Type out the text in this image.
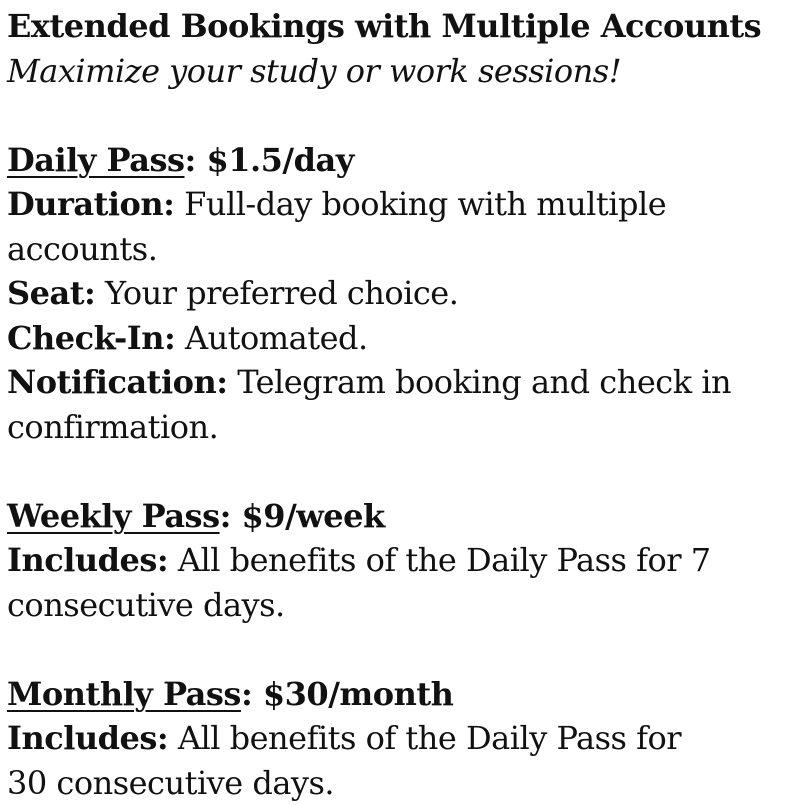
Extended Bookings with Multiple Accounts
Maximize your study or work sessions!
Daily Pass: $1.5/day
Duration: Full-day booking with multiple
accounts.
Seat: Your preferred choice.
Check-In: Automated.
Notification: Telegram booking and check in
confirmation.
Weekly Pass: $9/week
Includes: All benefits of the Daily Pass for 7
consecutive days.
Monthly Pass: $30/month
Includes: All benefits of the Daily Pass for
30 consecutive days.
